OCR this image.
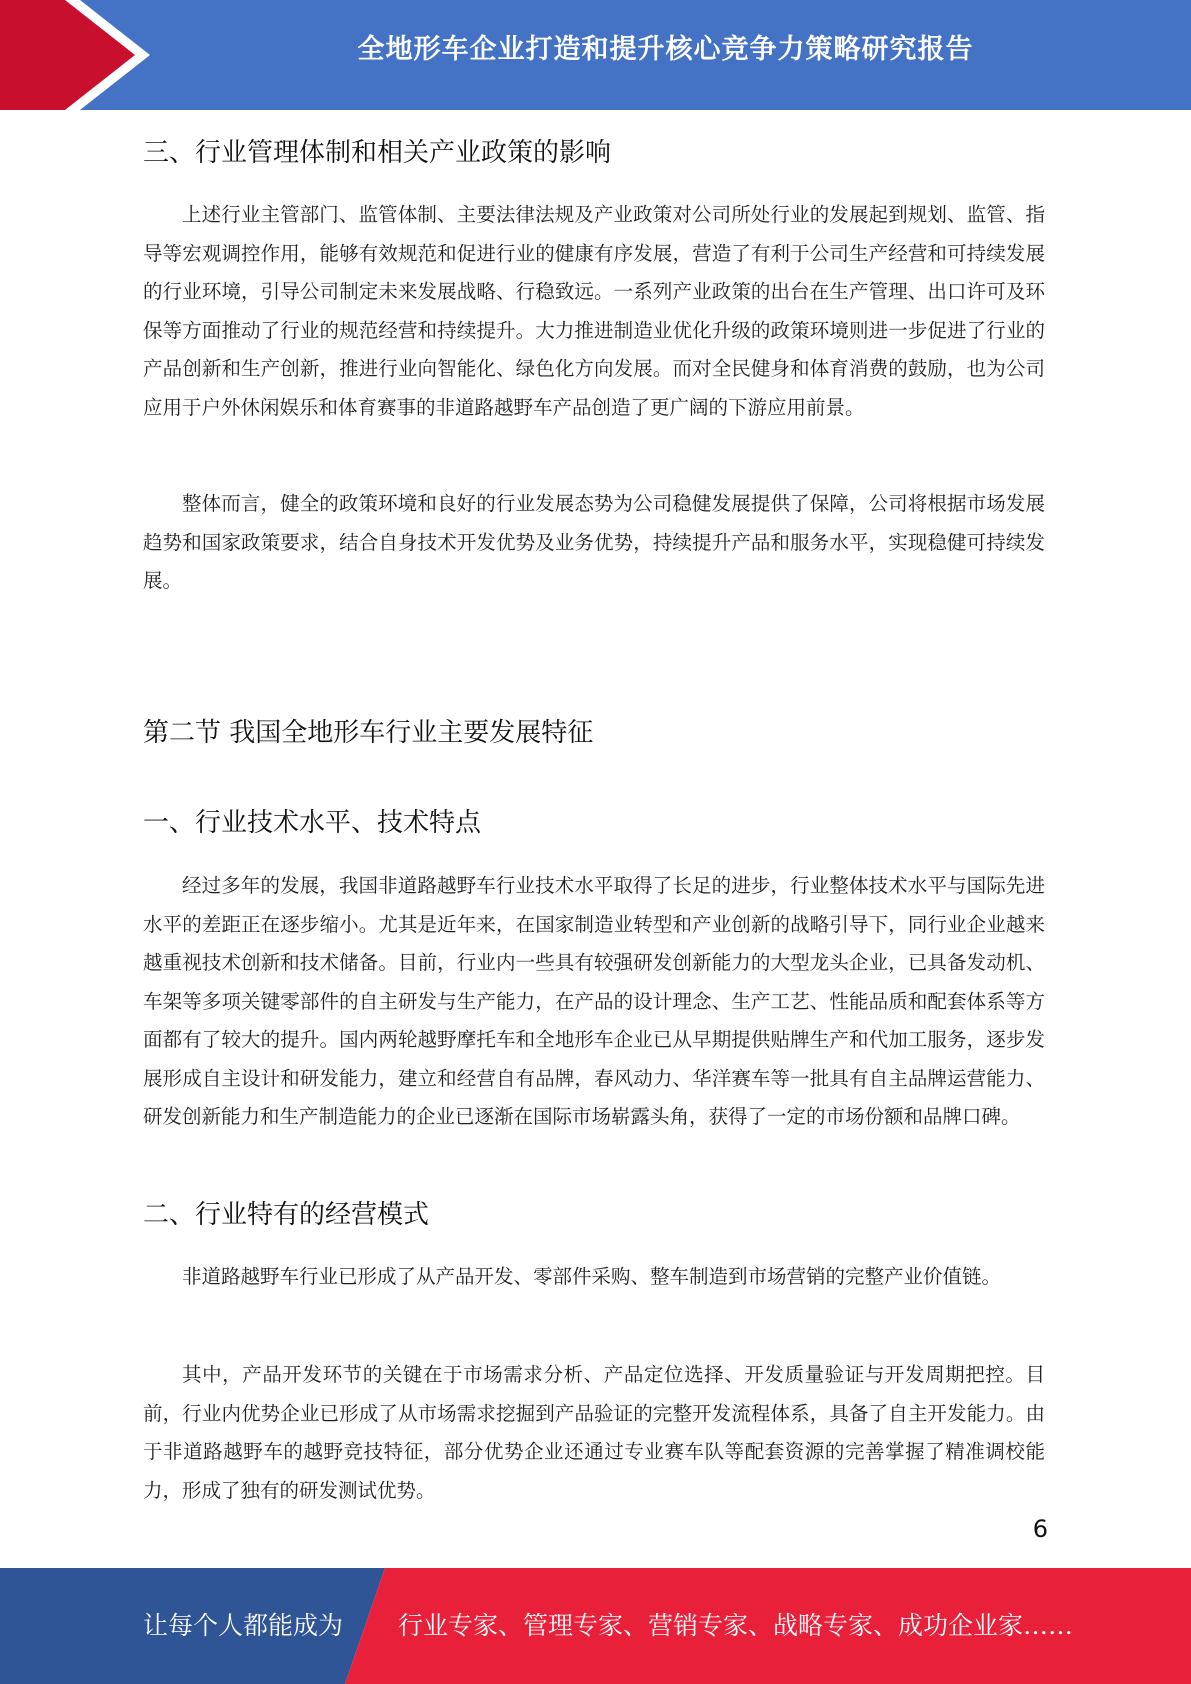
全地形车企业打造和提升核心竞争力策略研究报告
三、行业管理体制和相关产业政策的影响

上述行业主管部门、监管体制、主要法律法规及产业政策对公司所处行业的发展起到规划、监管、指导等宏观调控作用，能够有效规范和促进行业的健康有序发展，营造了有利于公司生产经营和可持续发展的行业环境，引导公司制定未来发展战略、行稳致远。一系列产业政策的出台在生产管理、出口许可及环保等方面推动了行业的规范经营和持续提升。大力推进制造业优化升级的政策环境则进一步促进了行业的产品创新和生产创新，推进行业向智能化、绿色化方向发展。而对全民健身和体育消费的鼓励，也为公司应用于户外休闲娱乐和体育赛事的非道路越野车产品创造了更广阔的下游应用前景。

整体而言，健全的政策环境和良好的行业发展态势为公司稳健发展提供了保障，公司将根据市场发展趋势和国家政策要求，结合自身技术开发优势及业务优势，持续提升产品和服务水平，实现稳健可持续发展。

第二节 我国全地形车行业主要发展特征
一、行业技术水平、技术特点

经过多年的发展，我国非道路越野车行业技术水平取得了长足的进步，行业整体技术水平与国际先进水平的差距正在逐步缩小。尤其是近年来，在国家制造业转型和产业创新的战略引导下，同行业企业越来越重视技术创新和技术储备。目前，行业内一些具有较强研发创新能力的大型龙头企业，已具备发动机、车架等多项关键零部件的自主研发与生产能力，在产品的设计理念、生产工艺、性能品质和配套体系等方面都有了较大的提升。国内两轮越野摩托车和全地形车企业已从早期提供贴牌生产和代加工服务，逐步发展形成自主设计和研发能力，建立和经营自有品牌，春风动力、华洋赛车等一批具有自主品牌运营能力、研发创新能力和生产制造能力的企业已逐渐在国际市场崭露头角，获得了一定的市场份额和品牌口碑。

二、行业特有的经营模式

非道路越野车行业已形成了从产品开发、零部件采购、整车制造到市场营销的完整产业价值链。

其中，产品开发环节的关键在于市场需求分析、产品定位选择、开发质量验证与开发周期把控。目前，行业内优势企业已形成了从市场需求挖掘到产品验证的完整开发流程体系，具备了自主开发能力。由于非道路越野车的越野竞技特征，部分优势企业还通过专业赛车队等配套资源的完善掌握了精准调校能力，形成了独有的研发测试优势。

6
让每个人都能成为 行业专家、管理专家、营销专家、战略专家、成功企业家……
